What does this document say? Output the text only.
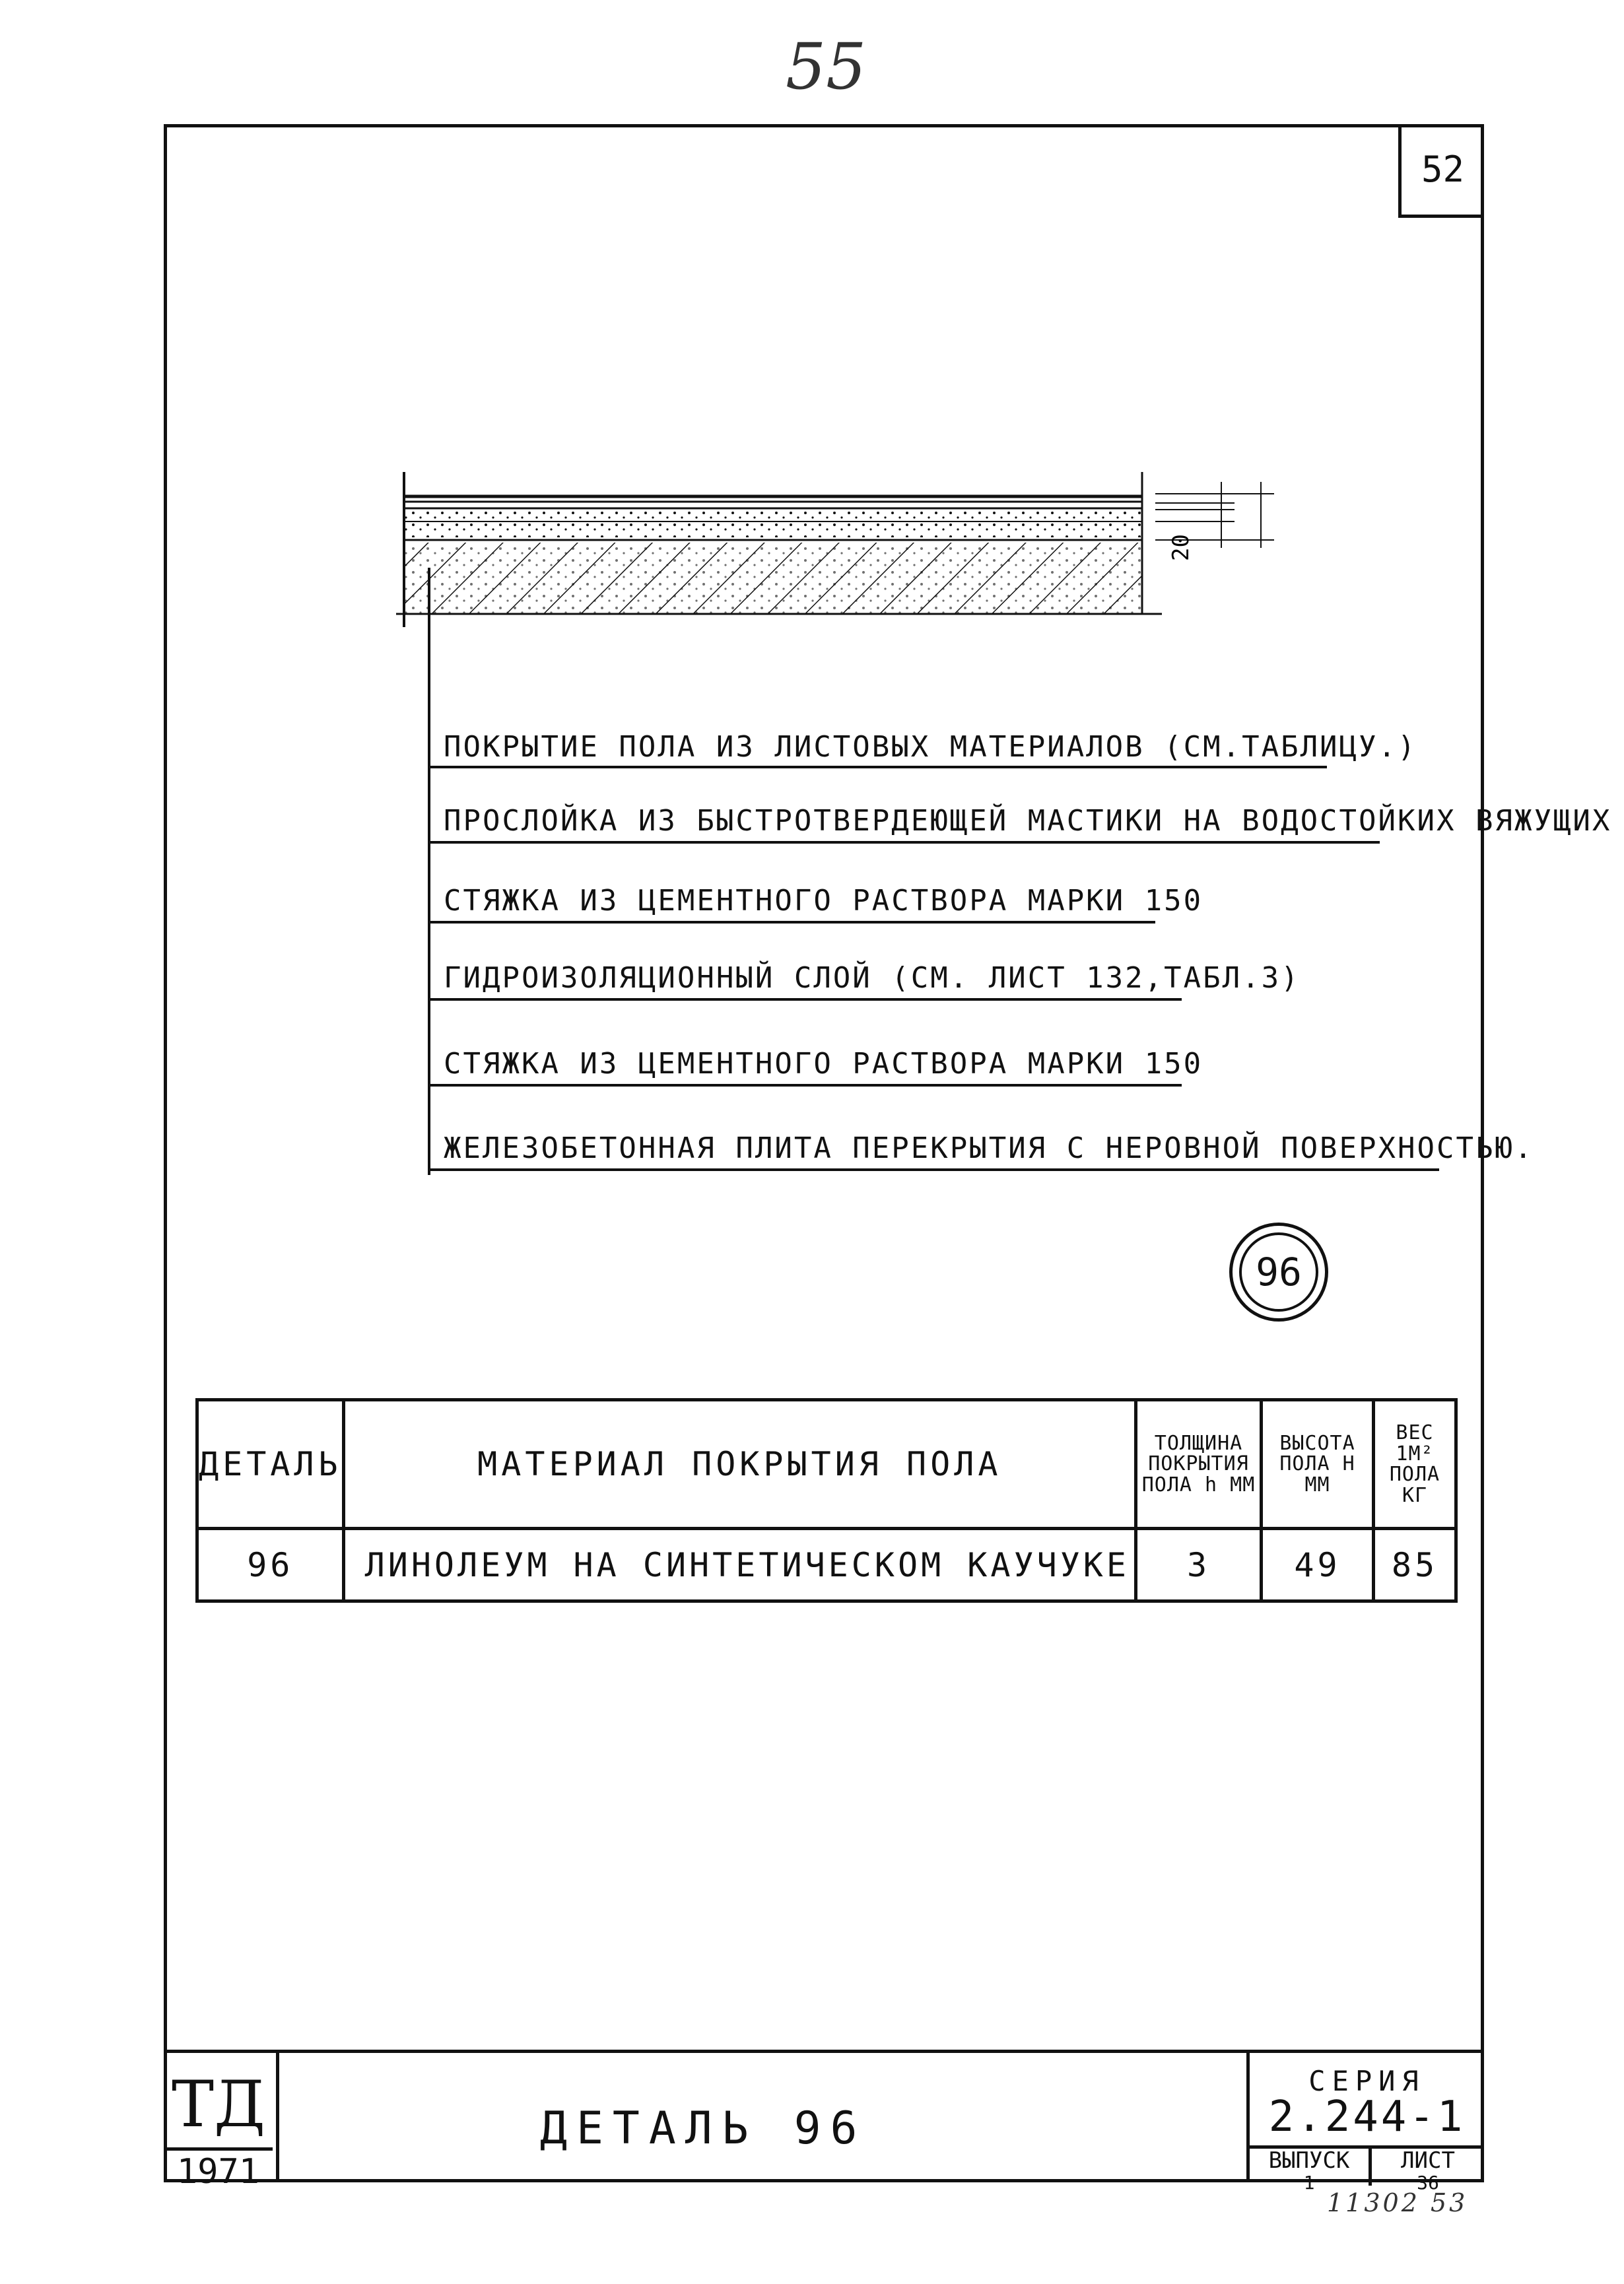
55
52
20
ПОКРЫТИЕ ПОЛА ИЗ ЛИСТОВЫХ МАТЕРИАЛОВ (СМ.ТАБЛИЦУ.)
ПРОСЛОЙКА ИЗ БЫСТРОТВЕРДЕЮЩЕЙ МАСТИКИ НА ВОДОСТОЙКИХ ВЯЖУЩИХ
СТЯЖКА ИЗ ЦЕМЕНТНОГО РАСТВОРА МАРКИ 150
ГИДРОИЗОЛЯЦИОННЫЙ СЛОЙ (СМ. ЛИСТ 132,ТАБЛ.3)
СТЯЖКА ИЗ ЦЕМЕНТНОГО РАСТВОРА МАРКИ 150
ЖЕЛЕЗОБЕТОННАЯ ПЛИТА ПЕРЕКРЫТИЯ С НЕРОВНОЙ ПОВЕРХНОСТЬЮ.
96
ДЕТАЛЬ	МАТЕРИАЛ ПОКРЫТИЯ ПОЛА	ТОЛЩИНА ПОКРЫТИЯ ПОЛА h ММ	ВЫСОТА ПОЛА H ММ	ВЕС 1М² ПОЛА КГ
96	ЛИНОЛЕУМ НА СИНТЕТИЧЕСКОМ КАУЧУКЕ	3	49	85
ТД
1971
ДЕТАЛЬ 96
СЕРИЯ
2.244-1
ВЫПУСК
1
ЛИСТ
36
11302 53
